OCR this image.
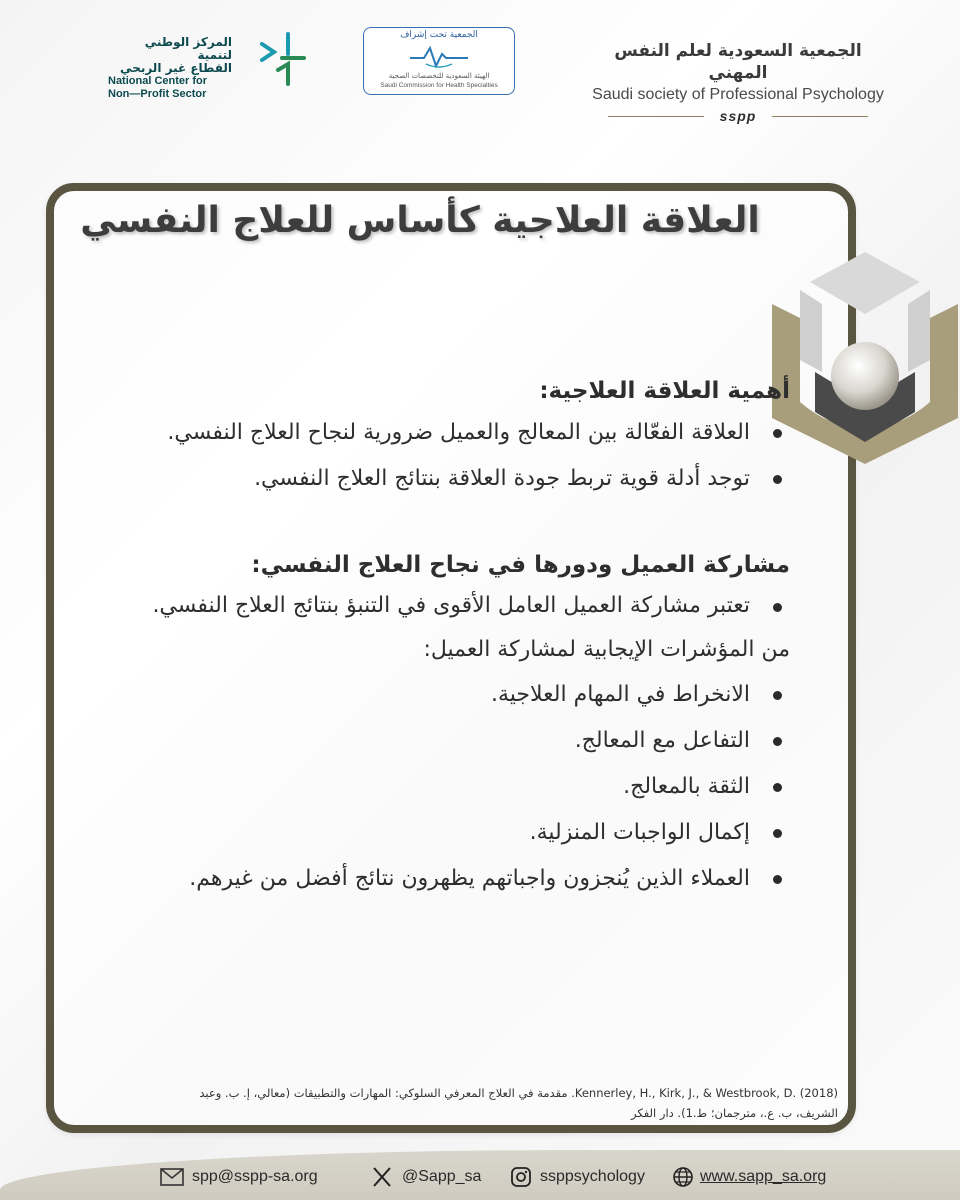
المركز الوطني لتنمية
القطاع غير الربحي
National Center for
Non—Profit Sector
الجمعية تحت إشراف
الهيئة السعودية للتخصصات الصحية
Saudi Commission for Health Specialties
الجمعية السعودية لعلم النفس المهني
Saudi society of Professional Psychology
sspp
العلاقة العلاجية كأساس للعلاج النفسي

أهمية العلاقة العلاجية:

العلاقة الفعّالة بين المعالج والعميل ضرورية لنجاح العلاج النفسي.
توجد أدلة قوية تربط جودة العلاقة بنتائج العلاج النفسي.

مشاركة العميل ودورها في نجاح العلاج النفسي:

تعتبر مشاركة العميل العامل الأقوى في التنبؤ بنتائج العلاج النفسي.

من المؤشرات الإيجابية لمشاركة العميل:

الانخراط في المهام العلاجية.
التفاعل مع المعالج.
الثقة بالمعالج.
إكمال الواجبات المنزلية.
العملاء الذين يُنجزون واجباتهم يظهرون نتائج أفضل من غيرهم.
Kennerley, H., Kirk, J., & Westbrook, D. (2018). مقدمة في العلاج المعرفي السلوكي: المهارات والتطبيقات (معالي، إ. ب. وعبد
الشريف، ب. ع.، مترجمان؛ ط.1). دار الفكر
spp@sspp-sa.org	@Sapp_sa	ssppsychology	www.sapp_sa.org
